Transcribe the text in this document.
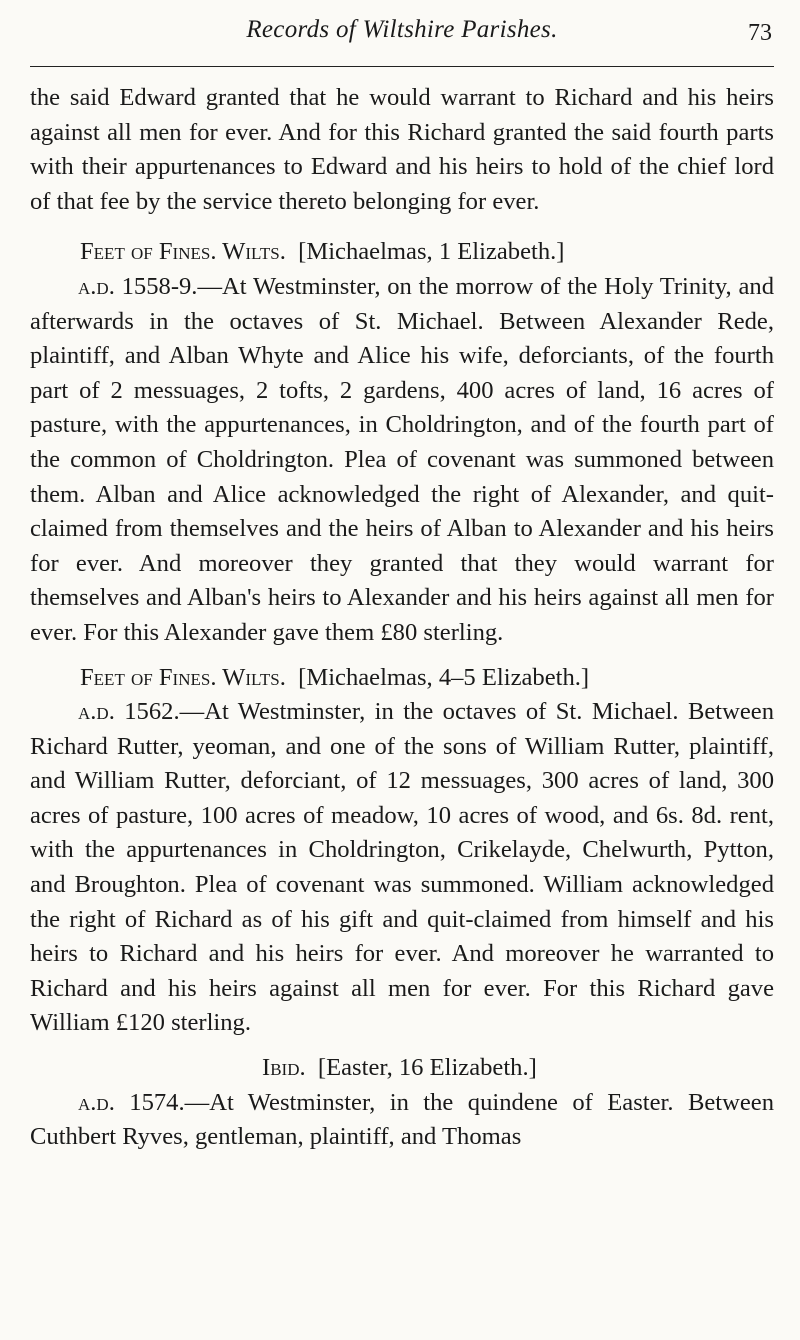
Records of Wiltshire Parishes.	73

the said Edward granted that he would warrant to Richard and his heirs against all men for ever. And for this Richard granted the said fourth parts with their appurtenances to Edward and his heirs to hold of the chief lord of that fee by the service thereto belonging for ever.

Feet of Fines. Wilts. [Michaelmas, 1 Elizabeth.]

a.d. 1558-9.—At Westminster, on the morrow of the Holy Trinity, and afterwards in the octaves of St. Michael. Between Alexander Rede, plaintiff, and Alban Whyte and Alice his wife, deforciants, of the fourth part of 2 messuages, 2 tofts, 2 gardens, 400 acres of land, 16 acres of pasture, with the appurtenances, in Choldrington, and of the fourth part of the common of Choldrington. Plea of covenant was summoned between them. Alban and Alice acknowledged the right of Alexander, and quit-claimed from themselves and the heirs of Alban to Alexander and his heirs for ever. And moreover they granted that they would warrant for themselves and Alban's heirs to Alexander and his heirs against all men for ever. For this Alexander gave them £80 sterling.

Feet of Fines. Wilts. [Michaelmas, 4–5 Elizabeth.]

a.d. 1562.—At Westminster, in the octaves of St. Michael. Between Richard Rutter, yeoman, and one of the sons of William Rutter, plaintiff, and William Rutter, deforciant, of 12 messuages, 300 acres of land, 300 acres of pasture, 100 acres of meadow, 10 acres of wood, and 6s. 8d. rent, with the appurtenances in Choldrington, Crikelayde, Chelwurth, Pytton, and Broughton. Plea of covenant was summoned. William acknowledged the right of Richard as of his gift and quit-claimed from himself and his heirs to Richard and his heirs for ever. And moreover he warranted to Richard and his heirs against all men for ever. For this Richard gave William £120 sterling.

Ibid. [Easter, 16 Elizabeth.]

a.d. 1574.—At Westminster, in the quindene of Easter. Between Cuthbert Ryves, gentleman, plaintiff, and Thomas
